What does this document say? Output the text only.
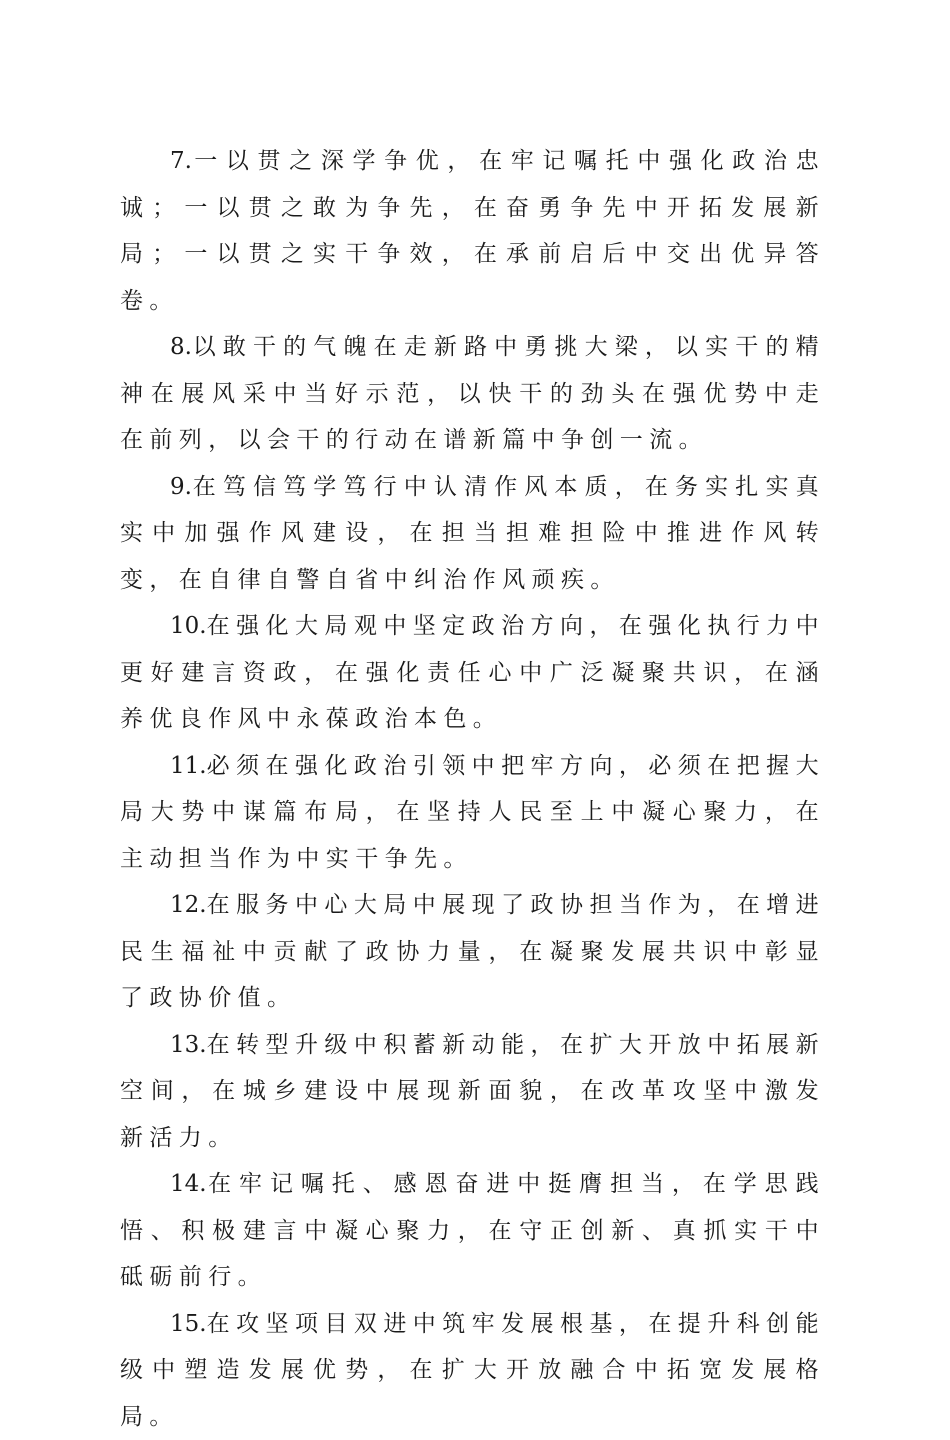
7.一以贯之深学争优，在牢记嘱托中强化政治忠诚；一以贯之敢为争先，在奋勇争先中开拓发展新局；一以贯之实干争效，在承前启后中交出优异答卷。

8.以敢干的气魄在走新路中勇挑大梁，以实干的精神在展风采中当好示范，以快干的劲头在强优势中走在前列，以会干的行动在谱新篇中争创一流。

9.在笃信笃学笃行中认清作风本质，在务实扎实真实中加强作风建设，在担当担难担险中推进作风转变，在自律自警自省中纠治作风顽疾。

10.在强化大局观中坚定政治方向，在强化执行力中更好建言资政，在强化责任心中广泛凝聚共识，在涵养优良作风中永葆政治本色。

11.必须在强化政治引领中把牢方向，必须在把握大局大势中谋篇布局，在坚持人民至上中凝心聚力，在主动担当作为中实干争先。

12.在服务中心大局中展现了政协担当作为，在增进民生福祉中贡献了政协力量，在凝聚发展共识中彰显了政协价值。

13.在转型升级中积蓄新动能，在扩大开放中拓展新空间，在城乡建设中展现新面貌，在改革攻坚中激发新活力。

14.在牢记嘱托、感恩奋进中挺膺担当，在学思践悟、积极建言中凝心聚力，在守正创新、真抓实干中砥砺前行。

15.在攻坚项目双进中筑牢发展根基，在提升科创能级中塑造发展优势，在扩大开放融合中拓宽发展格局。
